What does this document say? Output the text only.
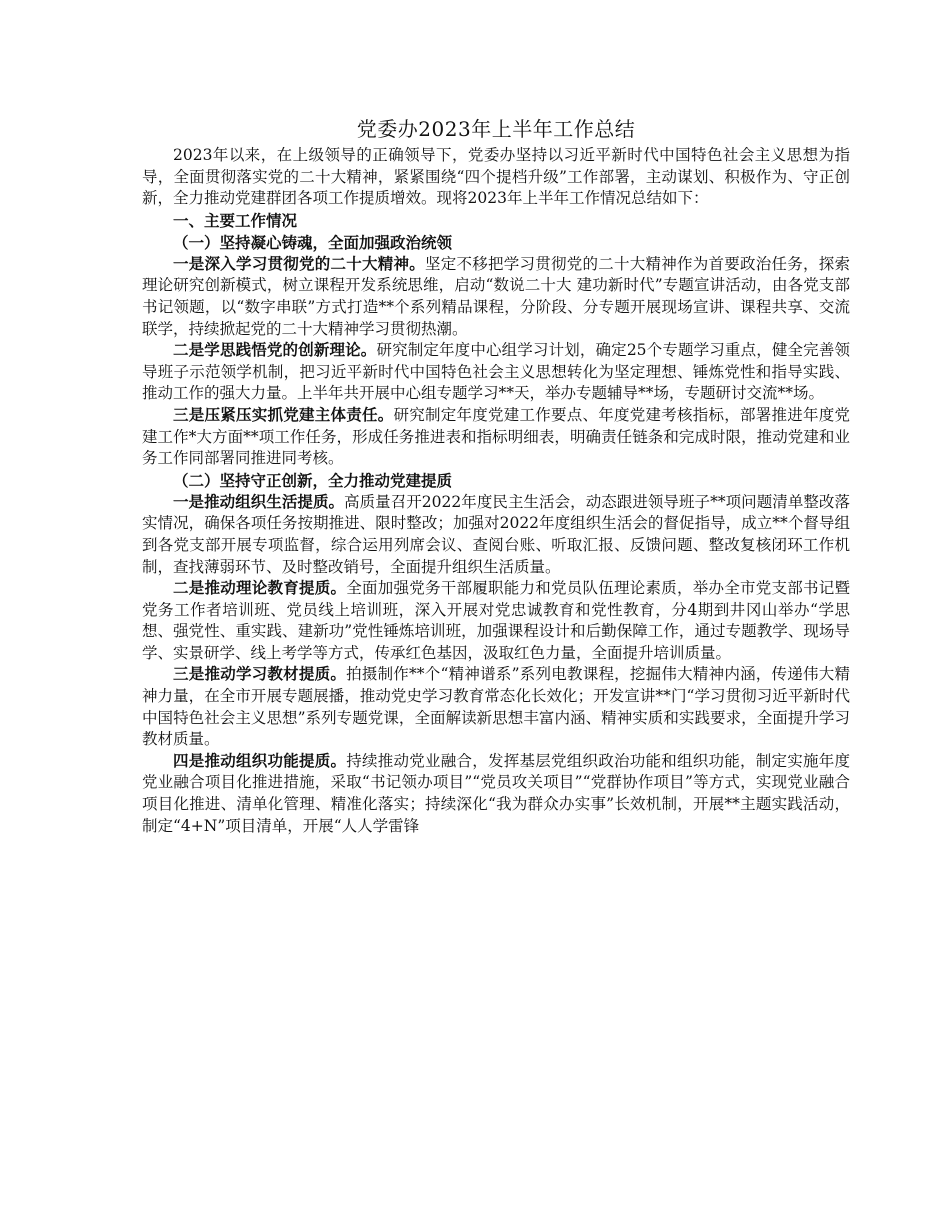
党委办2023年上半年工作总结

2023年以来，在上级领导的正确领导下，党委办坚持以习近平新时代中国特色社会主义思想为指导，全面贯彻落实党的二十大精神，紧紧围绕“四个提档升级”工作部署，主动谋划、积极作为、守正创新，全力推动党建群团各项工作提质增效。现将2023年上半年工作情况总结如下：

一、主要工作情况

（一）坚持凝心铸魂，全面加强政治统领

一是深入学习贯彻党的二十大精神。坚定不移把学习贯彻党的二十大精神作为首要政治任务，探索理论研究创新模式，树立课程开发系统思维，启动“数说二十大 建功新时代”专题宣讲活动，由各党支部书记领题，以“数字串联”方式打造**个系列精品课程，分阶段、分专题开展现场宣讲、课程共享、交流联学，持续掀起党的二十大精神学习贯彻热潮。

二是学思践悟党的创新理论。研究制定年度中心组学习计划，确定25个专题学习重点，健全完善领导班子示范领学机制，把习近平新时代中国特色社会主义思想转化为坚定理想、锤炼党性和指导实践、推动工作的强大力量。上半年共开展中心组专题学习**天，举办专题辅导**场，专题研讨交流**场。

三是压紧压实抓党建主体责任。研究制定年度党建工作要点、年度党建考核指标，部署推进年度党建工作*大方面**项工作任务，形成任务推进表和指标明细表，明确责任链条和完成时限，推动党建和业务工作同部署同推进同考核。

（二）坚持守正创新，全力推动党建提质

一是推动组织生活提质。高质量召开2022年度民主生活会，动态跟进领导班子**项问题清单整改落实情况，确保各项任务按期推进、限时整改；加强对2022年度组织生活会的督促指导，成立**个督导组到各党支部开展专项监督，综合运用列席会议、查阅台账、听取汇报、反馈问题、整改复核闭环工作机制，查找薄弱环节、及时整改销号，全面提升组织生活质量。

二是推动理论教育提质。全面加强党务干部履职能力和党员队伍理论素质，举办全市党支部书记暨党务工作者培训班、党员线上培训班，深入开展对党忠诚教育和党性教育，分4期到井冈山举办“学思想、强党性、重实践、建新功”党性锤炼培训班，加强课程设计和后勤保障工作，通过专题教学、现场导学、实景研学、线上考学等方式，传承红色基因，汲取红色力量，全面提升培训质量。

三是推动学习教材提质。拍摄制作**个“精神谱系”系列电教课程，挖掘伟大精神内涵，传递伟大精神力量，在全市开展专题展播，推动党史学习教育常态化长效化；开发宣讲**门“学习贯彻习近平新时代中国特色社会主义思想”系列专题党课，全面解读新思想丰富内涵、精神实质和实践要求，全面提升学习教材质量。

四是推动组织功能提质。持续推动党业融合，发挥基层党组织政治功能和组织功能，制定实施年度党业融合项目化推进措施，采取“书记领办项目”“党员攻关项目”“党群协作项目”等方式，实现党业融合项目化推进、清单化管理、精准化落实；持续深化“我为群众办实事”长效机制，开展**主题实践活动，制定“4+N”项目清单，开展“人人学雷锋
